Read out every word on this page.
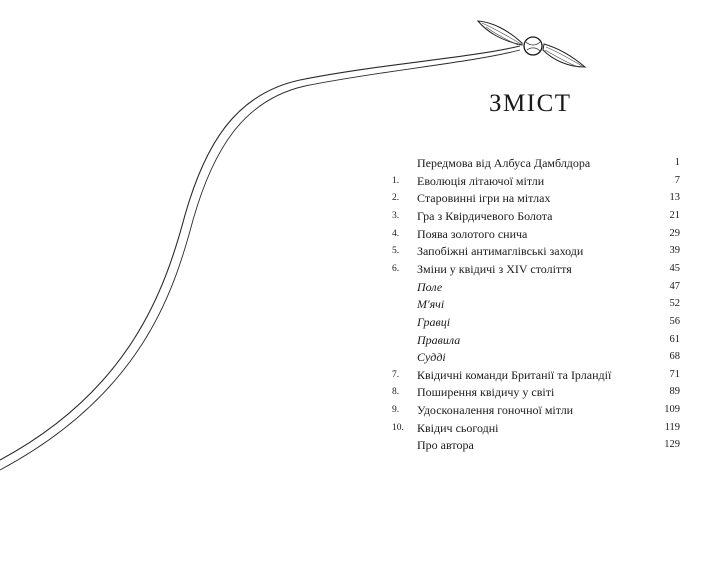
ЗМІСТ
Передмова від Албуса Дамблдора	1
1. Еволюція літаючої мітли	7
2. Старовинні ігри на мітлах	13
3. Гра з Квірдичевого Болота	21
4. Поява золотого снича	29
5. Запобіжні антимаглівські заходи	39
6. Зміни у квідичі з XIV століття	45
Поле	47
М'ячі	52
Гравці	56
Правила	61
Судді	68
7. Квідичні команди Британії та Ірландії	71
8. Поширення квідичу у світі	89
9. Удосконалення гоночної мітли	109
10. Квідич сьогодні	119
Про автора	129
